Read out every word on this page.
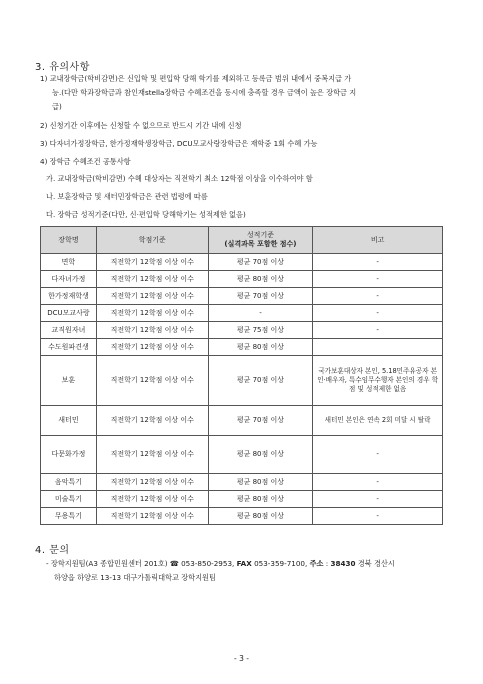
3. 유의사항
1) 교내장학금(학비감면)은 신입학 및 편입학 당해 학기를 제외하고 등록금 범위 내에서 중복지급 가
능.(다만 학과장학금과 참인재stella장학금 수혜조건을 동시에 충족할 경우 금액이 높은 장학금 지
급)
2) 신청기간 이후에는 신청할 수 없으므로 반드시 기간 내에 신청
3) 다자녀가정장학금, 한가정재학생장학금, DCU모교사랑장학금은 재학중 1회 수혜 가능
4) 장학금 수혜조건 공통사항
가. 교내장학금(학비감면) 수혜 대상자는 직전학기 최소 12학점 이상을 이수하여야 함
나. 보훈장학금 및 새터민장학금은 관련 법령에 따름
다. 장학금 성적기준(다만, 신·편입학 당해학기는 성적제한 없음)
장학명	학점기준	성적기준
(실격과목 포함한 점수)	비고
면학	직전학기 12학점 이상 이수	평균 70점 이상	-
다자녀가정	직전학기 12학점 이상 이수	평균 80점 이상	-
한가정재학생	직전학기 12학점 이상 이수	평균 70점 이상	-
DCU모교사랑	직전학기 12학점 이상 이수	-	-
교직원자녀	직전학기 12학점 이상 이수	평균 75점 이상	-
수도원파견생	직전학기 12학점 이상 이수	평균 80점 이상	
보훈	직전학기 12학점 이상 이수	평균 70점 이상	국가보훈대상자 본인, 5.18민주유공자 본인·배우자, 특수임무수행자 본인의 경우 학점 및 성적제한 없음
새터민	직전학기 12학점 이상 이수	평균 70점 이상	새터민 본인은 연속 2회 미달 시 탈락
다문화가정	직전학기 12학점 이상 이수	평균 80점 이상	-
음악특기	직전학기 12학점 이상 이수	평균 80점 이상	-
미술특기	직전학기 12학점 이상 이수	평균 80점 이상	-
무용특기	직전학기 12학점 이상 이수	평균 80점 이상	-
4. 문의
- 장학지원팀(A3 종합민원센터 201호) ☎ 053-850-2953, FAX 053-359-7100, 주소 : 38430 경북 경산시
하양읍 하양로 13-13 대구가톨릭대학교 장학지원팀
- 3 -
